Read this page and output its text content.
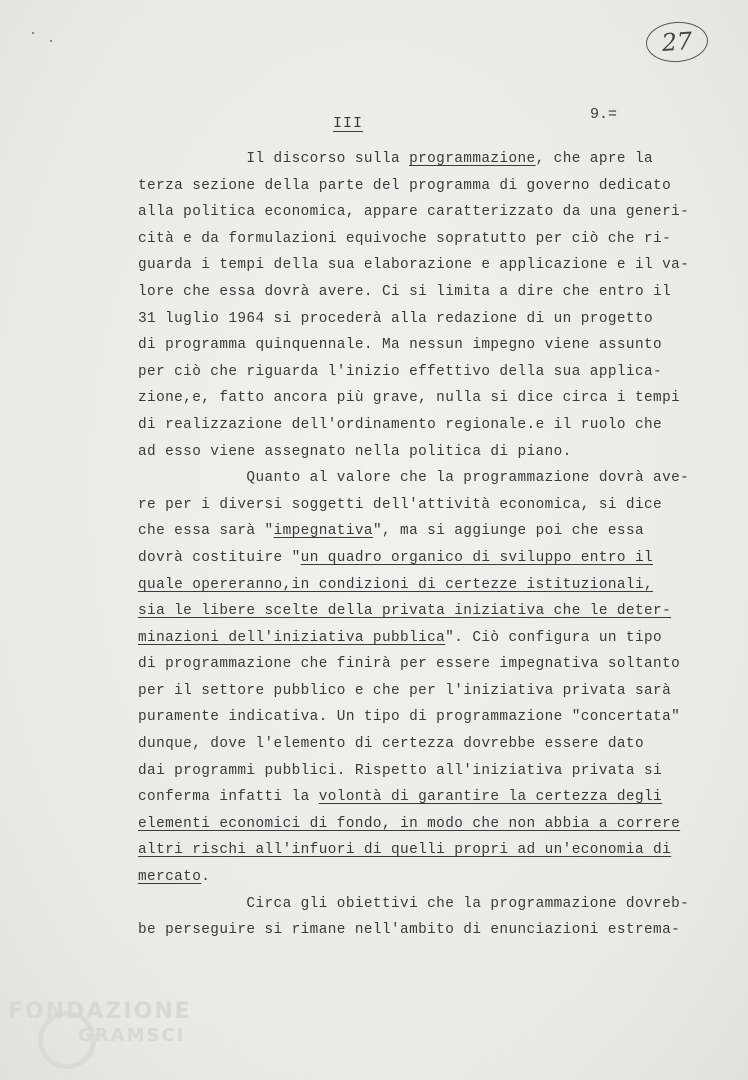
27
III
9.=
Il discorso sulla programmazione, che apre la
terza sezione della parte del programma di governo dedicato
alla politica economica, appare caratterizzato da una generi-
cità e da formulazioni equivoche sopratutto per ciò che ri-
guarda i tempi della sua elaborazione e applicazione e il va-
lore che essa dovrà avere. Ci si limita a dire che entro il
31 luglio 1964 si procederà alla redazione di un progetto
di programma quinquennale. Ma nessun impegno viene assunto
per ciò che riguarda l'inizio effettivo della sua applica-
zione,e, fatto ancora più grave, nulla si dice circa i tempi
di realizzazione dell'ordinamento regionale.e il ruolo che
ad esso viene assegnato nella politica di piano.
Quanto al valore che la programmazione dovrà ave-
re per i diversi soggetti dell'attività economica, si dice
che essa sarà "impegnativa", ma si aggiunge poi che essa
dovrà costituire "un quadro organico di sviluppo entro il
quale opereranno,in condizioni di certezze istituzionali,
sia le libere scelte della privata iniziativa che le deter-
minazioni dell'iniziativa pubblica". Ciò configura un tipo
di programmazione che finirà per essere impegnativa soltanto
per il settore pubblico e che per l'iniziativa privata sarà
puramente indicativa. Un tipo di programmazione "concertata"
dunque, dove l'elemento di certezza dovrebbe essere dato
dai programmi pubblici. Rispetto all'iniziativa privata si
conferma infatti la volontà di garantire la certezza degli
elementi economici di fondo, in modo che non abbia a correre
altri rischi all'infuori di quelli propri ad un'economia di
mercato.
Circa gli obiettivi che la programmazione dovreb-
be perseguire si rimane nell'ambito di enunciazioni estrema-
FONDAZIONE
GRAMSCI
